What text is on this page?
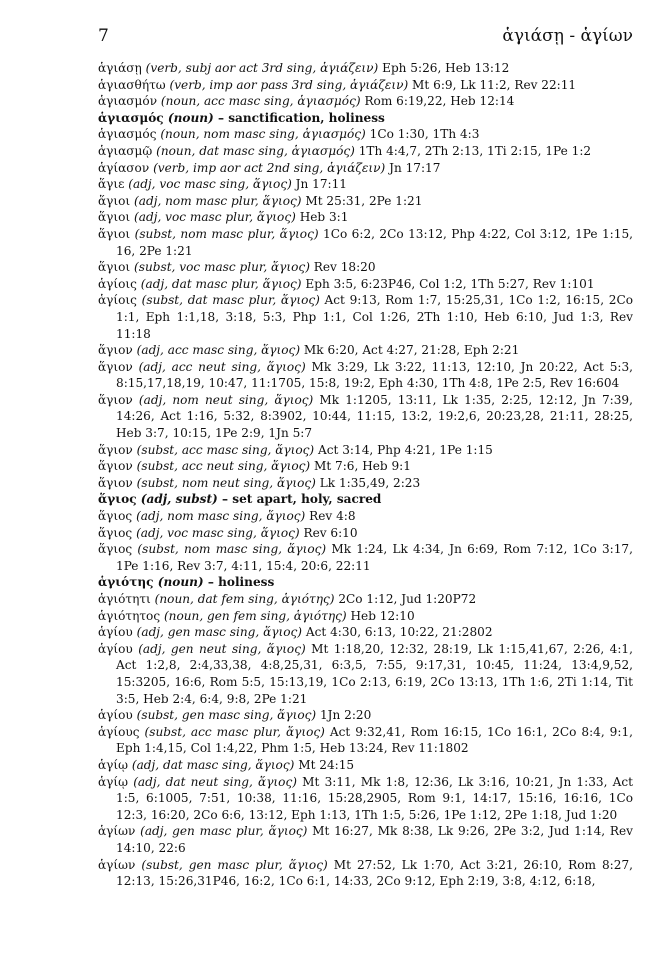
7	ἁγιάσῃ - ἁγίων

ἁγιάσῃ (verb, subj aor act 3rd sing, ἁγιάζειν) Eph 5:26, Heb 13:12

ἁγιασθήτω (verb, imp aor pass 3rd sing, ἁγιάζειν) Mt 6:9, Lk 11:2, Rev 22:11

ἁγιασμόν (noun, acc masc sing, ἁγιασμός) Rom 6:19,22, Heb 12:14

ἁγιασμός (noun) – sanctification, holiness

ἁγιασμός (noun, nom masc sing, ἁγιασμός) 1Co 1:30, 1Th 4:3

ἁγιασμῷ (noun, dat masc sing, ἁγιασμός) 1Th 4:4,7, 2Th 2:13, 1Ti 2:15, 1Pe 1:2

ἁγίασον (verb, imp aor act 2nd sing, ἁγιάζειν) Jn 17:17

ἅγιε (adj, voc masc sing, ἅγιος) Jn 17:11

ἅγιοι (adj, nom masc plur, ἅγιος) Mt 25:31, 2Pe 1:21

ἅγιοι (adj, voc masc plur, ἅγιος) Heb 3:1

ἅγιοι (subst, nom masc plur, ἅγιος) 1Co 6:2, 2Co 13:12, Php 4:22, Col 3:12, 1Pe 1:15, 16, 2Pe 1:21

ἅγιοι (subst, voc masc plur, ἅγιος) Rev 18:20

ἁγίοις (adj, dat masc plur, ἅγιος) Eph 3:5, 6:23P46, Col 1:2, 1Th 5:27, Rev 1:101

ἁγίοις (subst, dat masc plur, ἅγιος) Act 9:13, Rom 1:7, 15:25,31, 1Co 1:2, 16:15, 2Co 1:1, Eph 1:1,18, 3:18, 5:3, Php 1:1, Col 1:26, 2Th 1:10, Heb 6:10, Jud 1:3, Rev 11:18

ἅγιον (adj, acc masc sing, ἅγιος) Mk 6:20, Act 4:27, 21:28, Eph 2:21

ἅγιον (adj, acc neut sing, ἅγιος) Mk 3:29, Lk 3:22, 11:13, 12:10, Jn 20:22, Act 5:3, 8:15,17,18,19, 10:47, 11:1705, 15:8, 19:2, Eph 4:30, 1Th 4:8, 1Pe 2:5, Rev 16:604

ἅγιον (adj, nom neut sing, ἅγιος) Mk 1:1205, 13:11, Lk 1:35, 2:25, 12:12, Jn 7:39, 14:26, Act 1:16, 5:32, 8:3902, 10:44, 11:15, 13:2, 19:2,6, 20:23,28, 21:11, 28:25, Heb 3:7, 10:15, 1Pe 2:9, 1Jn 5:7

ἅγιον (subst, acc masc sing, ἅγιος) Act 3:14, Php 4:21, 1Pe 1:15

ἅγιον (subst, acc neut sing, ἅγιος) Mt 7:6, Heb 9:1

ἅγιον (subst, nom neut sing, ἅγιος) Lk 1:35,49, 2:23

ἅγιος (adj, subst) – set apart, holy, sacred

ἅγιος (adj, nom masc sing, ἅγιος) Rev 4:8

ἅγιος (adj, voc masc sing, ἅγιος) Rev 6:10

ἅγιος (subst, nom masc sing, ἅγιος) Mk 1:24, Lk 4:34, Jn 6:69, Rom 7:12, 1Co 3:17, 1Pe 1:16, Rev 3:7, 4:11, 15:4, 20:6, 22:11

ἁγιότης (noun) – holiness

ἁγιότητι (noun, dat fem sing, ἁγιότης) 2Co 1:12, Jud 1:20P72

ἁγιότητος (noun, gen fem sing, ἁγιότης) Heb 12:10

ἁγίου (adj, gen masc sing, ἅγιος) Act 4:30, 6:13, 10:22, 21:2802

ἁγίου (adj, gen neut sing, ἅγιος) Mt 1:18,20, 12:32, 28:19, Lk 1:15,41,67, 2:26, 4:1, Act 1:2,8, 2:4,33,38, 4:8,25,31, 6:3,5, 7:55, 9:17,31, 10:45, 11:24, 13:4,9,52, 15:3205, 16:6, Rom 5:5, 15:13,19, 1Co 2:13, 6:19, 2Co 13:13, 1Th 1:6, 2Ti 1:14, Tit 3:5, Heb 2:4, 6:4, 9:8, 2Pe 1:21

ἁγίου (subst, gen masc sing, ἅγιος) 1Jn 2:20

ἁγίους (subst, acc masc plur, ἅγιος) Act 9:32,41, Rom 16:15, 1Co 16:1, 2Co 8:4, 9:1, Eph 1:4,15, Col 1:4,22, Phm 1:5, Heb 13:24, Rev 11:1802

ἁγίῳ (adj, dat masc sing, ἅγιος) Mt 24:15

ἁγίῳ (adj, dat neut sing, ἅγιος) Mt 3:11, Mk 1:8, 12:36, Lk 3:16, 10:21, Jn 1:33, Act 1:5, 6:1005, 7:51, 10:38, 11:16, 15:28,2905, Rom 9:1, 14:17, 15:16, 16:16, 1Co 12:3, 16:20, 2Co 6:6, 13:12, Eph 1:13, 1Th 1:5, 5:26, 1Pe 1:12, 2Pe 1:18, Jud 1:20

ἁγίων (adj, gen masc plur, ἅγιος) Mt 16:27, Mk 8:38, Lk 9:26, 2Pe 3:2, Jud 1:14, Rev 14:10, 22:6

ἁγίων (subst, gen masc plur, ἅγιος) Mt 27:52, Lk 1:70, Act 3:21, 26:10, Rom 8:27, 12:13, 15:26,31P46, 16:2, 1Co 6:1, 14:33, 2Co 9:12, Eph 2:19, 3:8, 4:12, 6:18,
